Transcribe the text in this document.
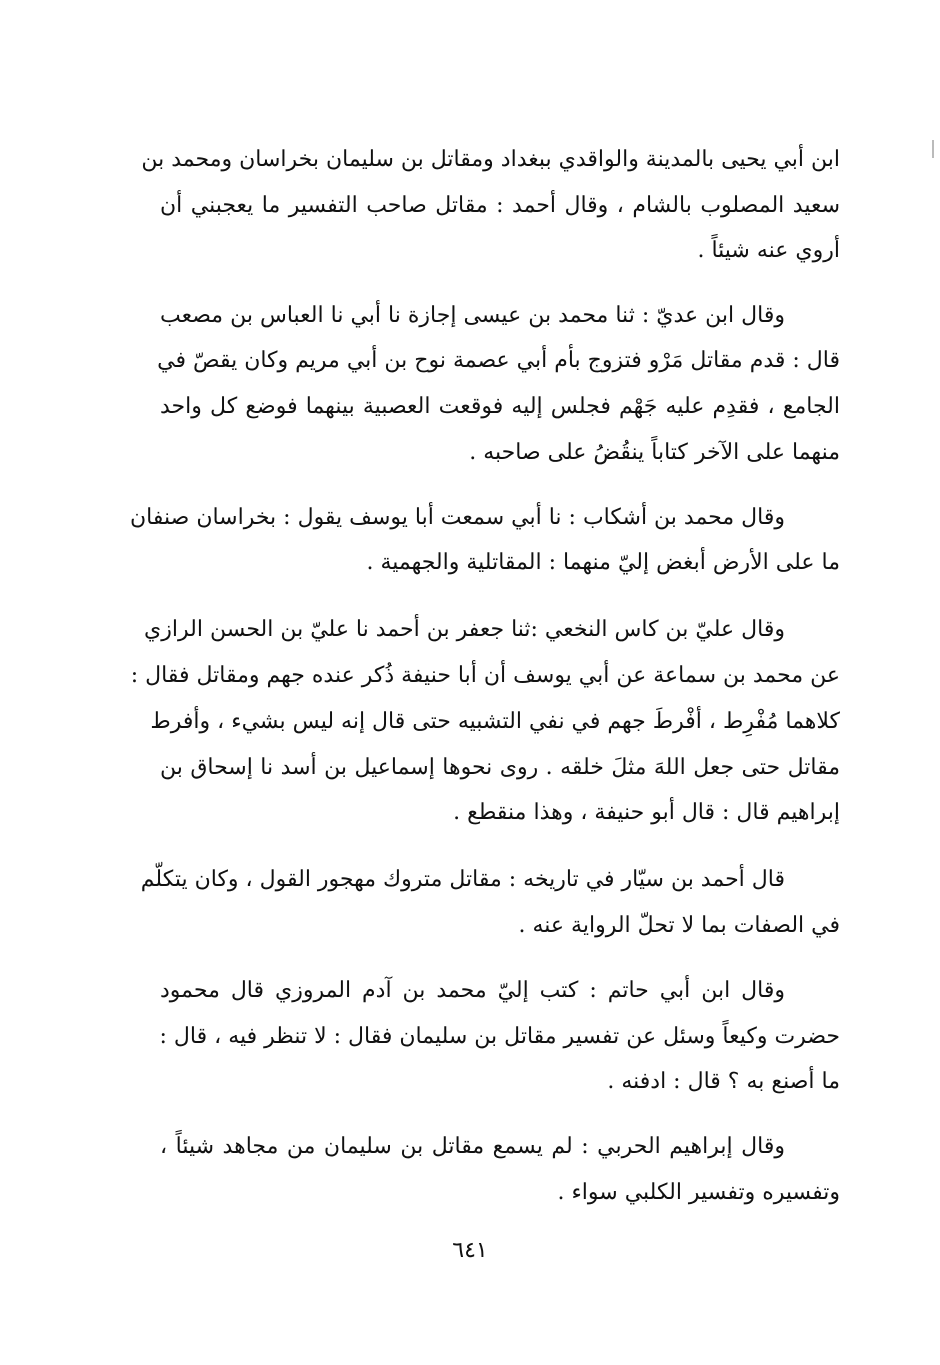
ابن أبي يحيى بالمدينة والواقدي ببغداد ومقاتل بن سليمان بخراسان ومحمد بن
سعيد المصلوب بالشام ، وقال أحمد : مقاتل صاحب التفسير ما يعجبني أن
أروي عنه شيئاً .
وقال ابن عديّ : ثنا محمد بن عيسى إجازة نا أبي نا العباس بن مصعب
قال : قدم مقاتل مَرْو فتزوج بأم أبي عصمة نوح بن أبي مريم وكان يقصّ في
الجامع ، فقدِم عليه جَهْم فجلس إليه فوقعت العصبية بينهما فوضع كل واحد
منهما على الآخر كتاباً ينقُضُ على صاحبه .
وقال محمد بن أشكاب : نا أبي سمعت أبا يوسف يقول : بخراسان صنفان
ما على الأرض أبغض إليّ منهما : المقاتلية والجهمية .
وقال عليّ بن كاس النخعي :ثنا جعفر بن أحمد نا عليّ بن الحسن الرازي
عن محمد بن سماعة عن أبي يوسف أن أبا حنيفة ذُكر عنده جهم ومقاتل فقال :
كلاهما مُفْرِط ، أفْرطَ جهم في نفي التشبيه حتى قال إنه ليس بشيء ، وأفرط
مقاتل حتى جعل اللهَ مثلَ خلقه . روى نحوها إسماعيل بن أسد نا إسحاق بن
إبراهيم قال : قال أبو حنيفة ، وهذا منقطع .
قال أحمد بن سيّار في تاريخه : مقاتل متروك مهجور القول ، وكان يتكلّم
في الصفات بما لا تحلّ الرواية عنه .
وقال ابن أبي حاتم : كتب إليّ محمد بن آدم المروزي قال محمود
حضرت وكيعاً وسئل عن تفسير مقاتل بن سليمان فقال : لا تنظر فيه ، قال :
ما أصنع به ؟ قال : ادفنه .
وقال إبراهيم الحربي : لم يسمع مقاتل بن سليمان من مجاهد شيئاً ،
وتفسيره وتفسير الكلبي سواء .
٦٤١
